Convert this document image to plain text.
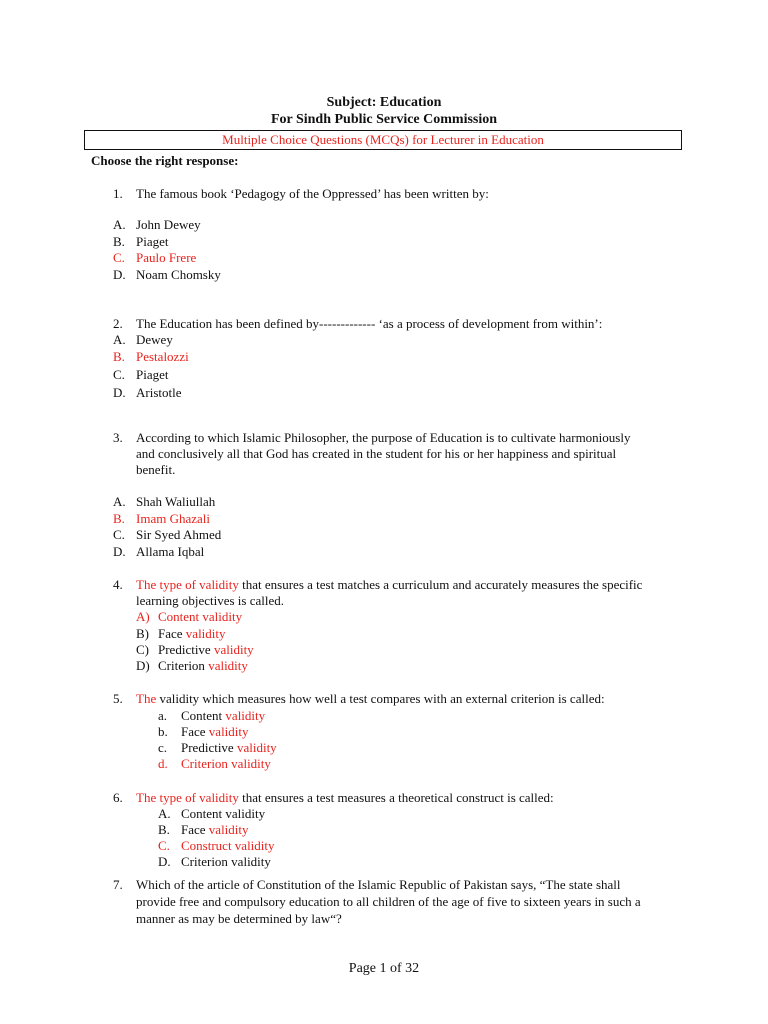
Subject: Education
For Sindh Public Service Commission
Multiple Choice Questions (MCQs) for Lecturer in Education
Choose the right response:
1. The famous book ‘Pedagogy of the Oppressed’ has been written by:
A. John Dewey
B. Piaget
C. Paulo Frere
D. Noam Chomsky
2. The Education has been defined by------------- ‘as a process of development from within’:
A. Dewey
B. Pestalozzi
C. Piaget
D. Aristotle
3. According to which Islamic Philosopher, the purpose of Education is to cultivate harmoniously
and conclusively all that God has created in the student for his or her happiness and spiritual
benefit.
A. Shah Waliullah
B. Imam Ghazali
C. Sir Syed Ahmed
D. Allama Iqbal
4. The type of validity that ensures a test matches a curriculum and accurately measures the specific
learning objectives is called.
A) Content validity
B) Face validity
C) Predictive validity
D) Criterion validity
5. The validity which measures how well a test compares with an external criterion is called:
a. Content validity
b. Face validity
c. Predictive validity
d. Criterion validity
6. The type of validity that ensures a test measures a theoretical construct is called:
A. Content validity
B. Face validity
C. Construct validity
D. Criterion validity
7. Which of the article of Constitution of the Islamic Republic of Pakistan says, “The state shall
provide free and compulsory education to all children of the age of five to sixteen years in such a
manner as may be determined by law“?
Page 1 of 32
